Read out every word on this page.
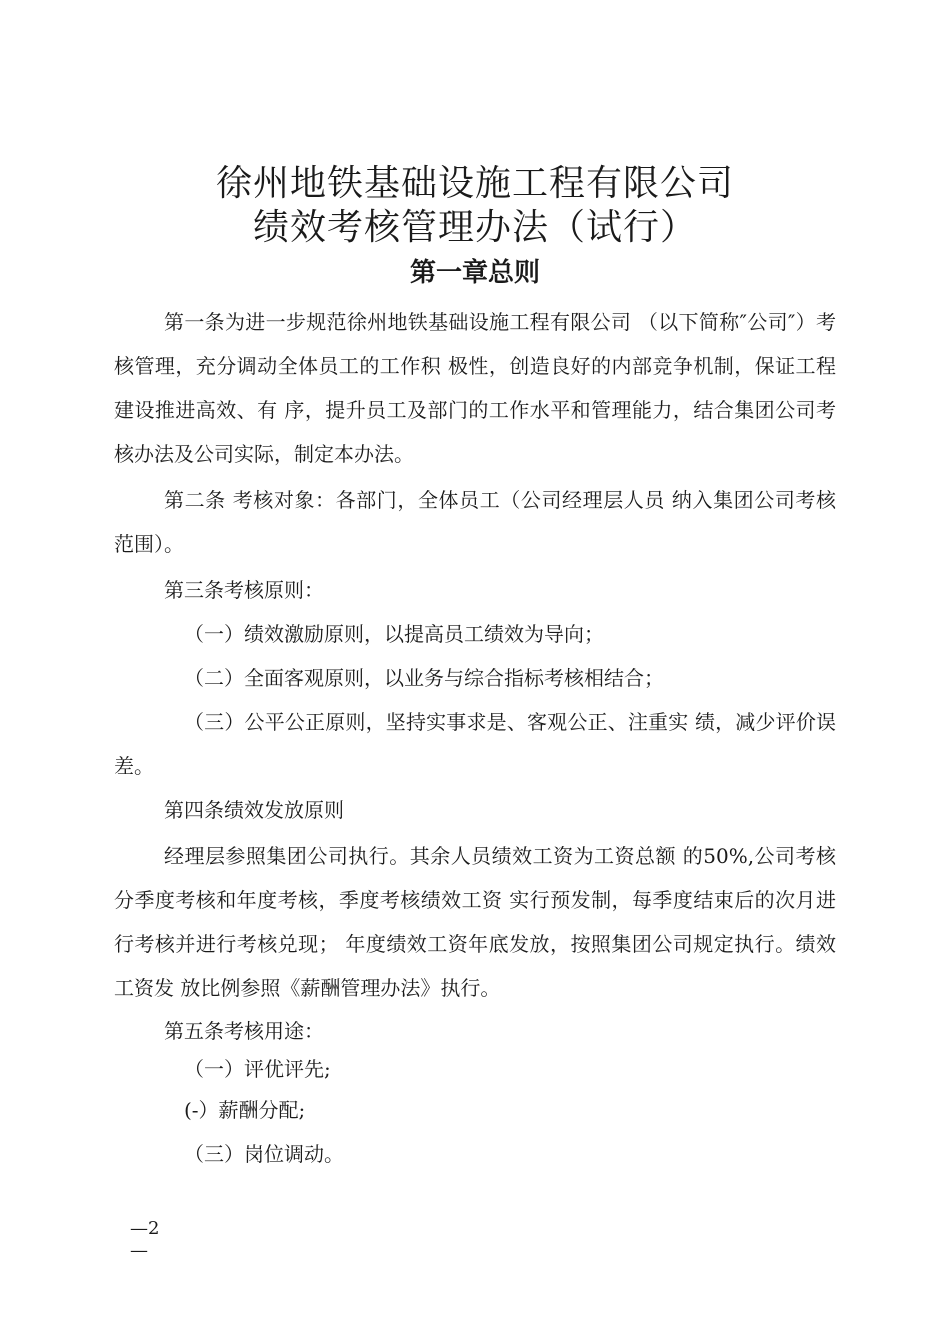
徐州地铁基础设施工程有限公司
绩效考核管理办法（试行）
第一章总则

第一条为进一步规范徐州地铁基础设施工程有限公司 （以下简称″公司″）考核管理，充分调动全体员工的工作积 极性，创造良好的内部竞争机制，保证工程建设推进高效、有 序，提升员工及部门的工作水平和管理能力，结合集团公司考 核办法及公司实际，制定本办法。

第二条 考核对象：各部门，全体员工（公司经理层人员 纳入集团公司考核范围）。

第三条考核原则：

（一）绩效激励原则，以提高员工绩效为导向；

（二）全面客观原则，以业务与综合指标考核相结合；

（三）公平公正原则，坚持实事求是、客观公正、注重实 绩，减少评价误差。

第四条绩效发放原则

经理层参照集团公司执行。其余人员绩效工资为工资总额 的50%,公司考核分季度考核和年度考核，季度考核绩效工资 实行预发制，每季度结束后的次月进行考核并进行考核兑现； 年度绩效工资年底发放，按照集团公司规定执行。绩效工资发 放比例参照《薪酬管理办法》执行。

第五条考核用途：

（一）评优评先;

(-）薪酬分配;

（三）岗位调动。

—2
—
